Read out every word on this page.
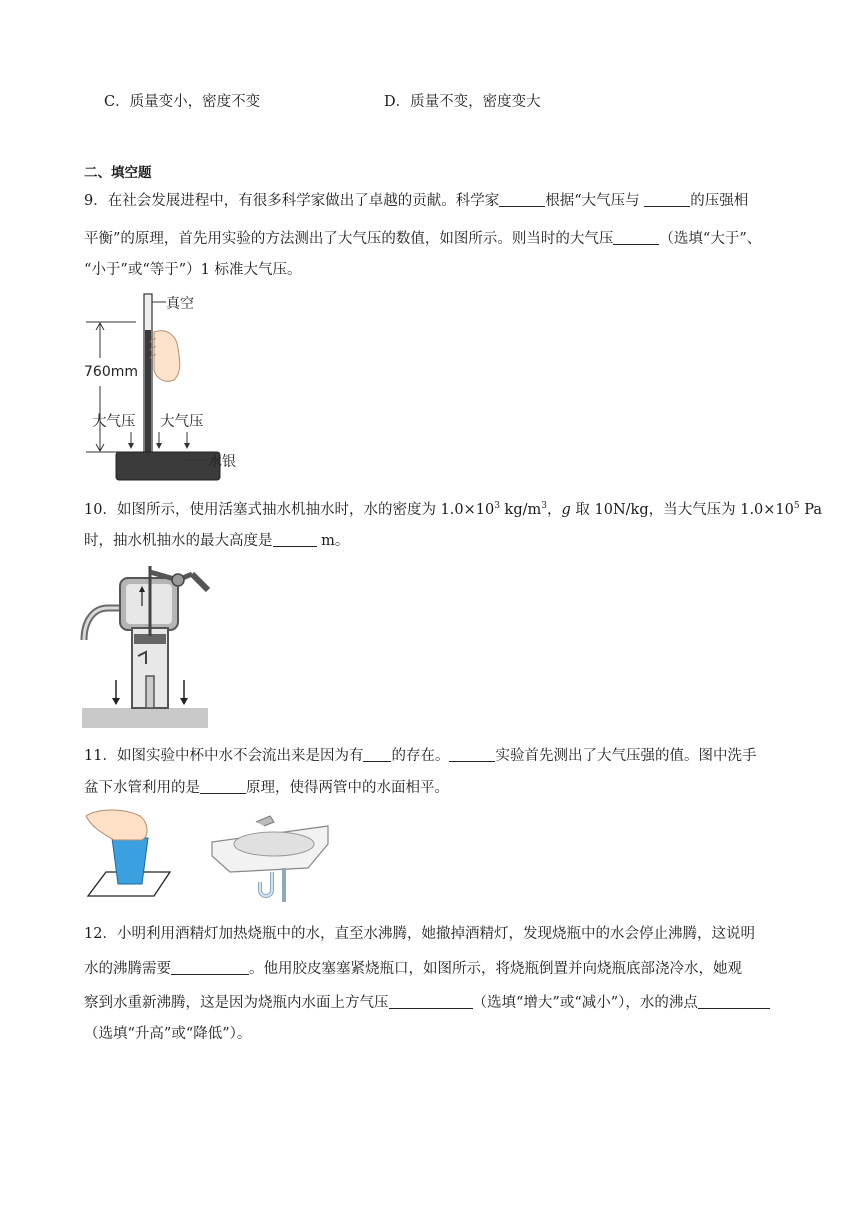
C．质量变小，密度不变	D．质量不变，密度变大
二、填空题
9．在社会发展进程中，有很多科学家做出了卓越的贡献。科学家	根据“大气压与	的压强相
平衡”的原理，首先用实验的方法测出了大气压的数值，如图所示。则当时的大气压	（选填“大于”、
“小于”或“等于”）1 标准大气压。
真空
760mm
大气压 大气压
水银
10．如图所示，使用活塞式抽水机抽水时，水的密度为 $1.0\times 10^3$ $kg/m^3$，g 取 10N/kg，当大气压为 $1.0\times 10^5$ Pa
时，抽水机抽水的最大高度是	m。
11．如图实验中杯中水不会流出来是因为有 的存在。	实验首先测出了大气压强的值。图中洗手
盆下水管利用的是	原理，使得两管中的水面相平。
12．小明利用酒精灯加热烧瓶中的水，直至水沸腾，她撤掉酒精灯，发现烧瓶中的水会停止沸腾，这说明
水的沸腾需要	。他用胶皮塞塞紧烧瓶口，如图所示，将烧瓶倒置并向烧瓶底部浇冷水，她观
察到水重新沸腾，这是因为烧瓶内水面上方气压	（选填“增大”或“减小”），水的沸点
（选填“升高”或“降低”）。
